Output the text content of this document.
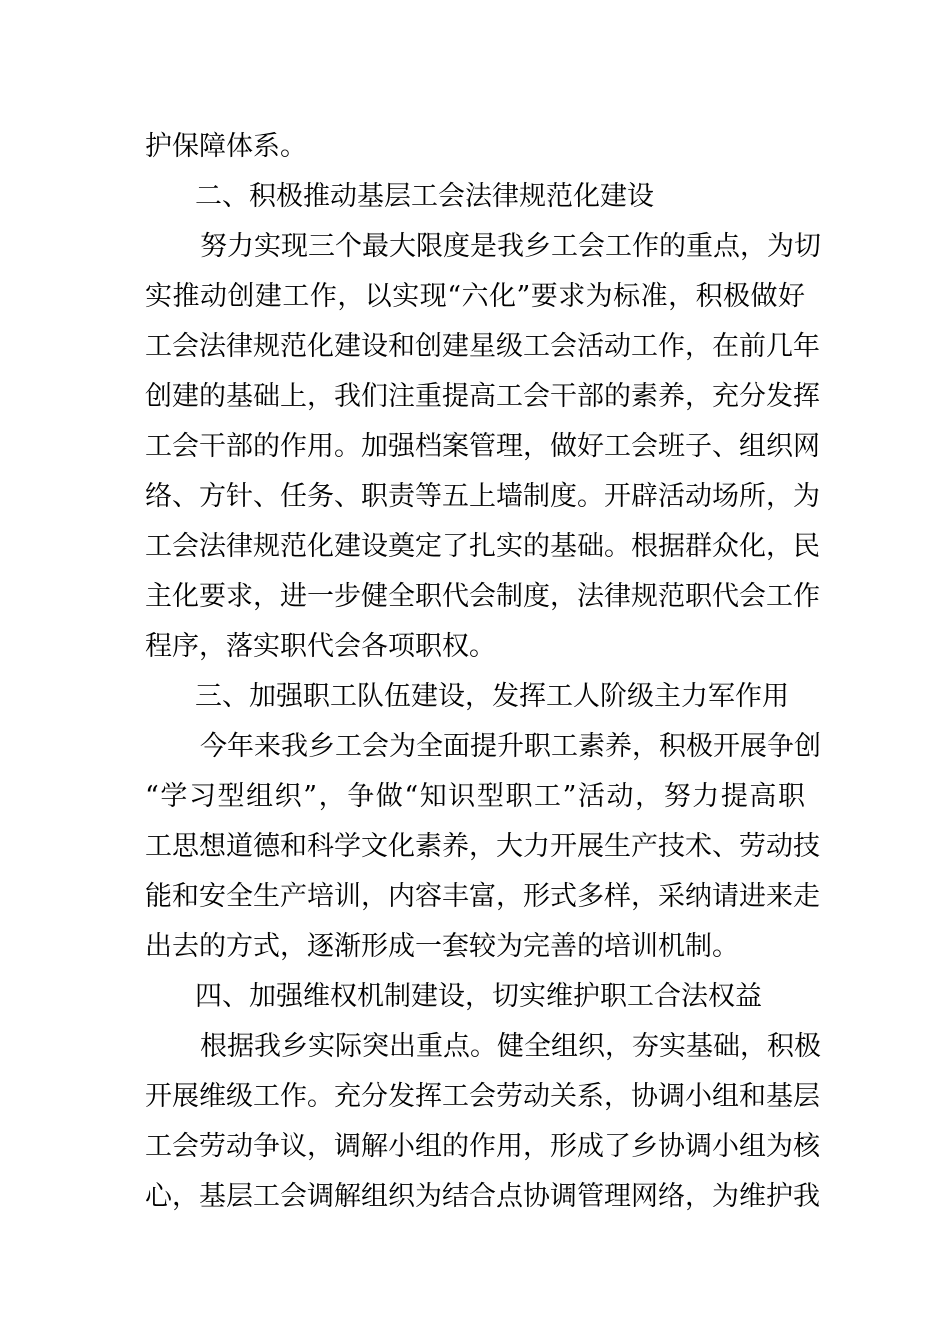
护保障体系。
二、积极推动基层工会法律规范化建设
努力实现三个最大限度是我乡工会工作的重点，为切
实推动创建工作，以实现“六化”要求为标准，积极做好
工会法律规范化建设和创建星级工会活动工作，在前几年
创建的基础上，我们注重提高工会干部的素养，充分发挥
工会干部的作用。加强档案管理，做好工会班子、组织网
络、方针、任务、职责等五上墙制度。开辟活动场所，为
工会法律规范化建设奠定了扎实的基础。根据群众化，民
主化要求，进一步健全职代会制度，法律规范职代会工作
程序，落实职代会各项职权。
三、加强职工队伍建设，发挥工人阶级主力军作用
今年来我乡工会为全面提升职工素养，积极开展争创
“学习型组织”，争做“知识型职工”活动，努力提高职
工思想道德和科学文化素养，大力开展生产技术、劳动技
能和安全生产培训，内容丰富，形式多样，采纳请进来走
出去的方式，逐渐形成一套较为完善的培训机制。
四、加强维权机制建设，切实维护职工合法权益
根据我乡实际突出重点。健全组织，夯实基础，积极
开展维级工作。充分发挥工会劳动关系，协调小组和基层
工会劳动争议，调解小组的作用，形成了乡协调小组为核
心，基层工会调解组织为结合点协调管理网络，为维护我
